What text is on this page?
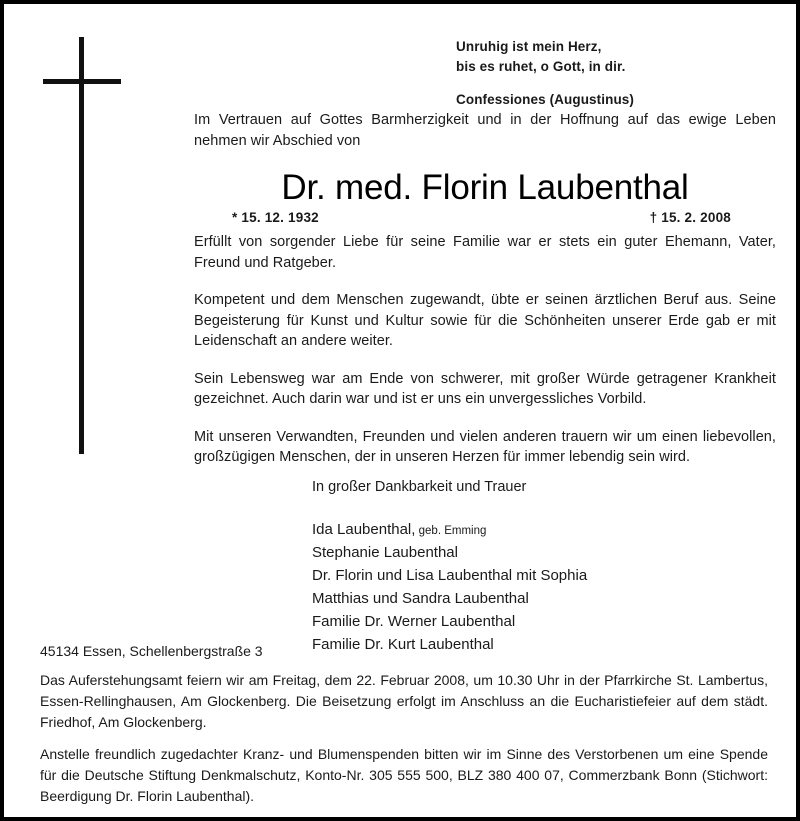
Unruhig ist mein Herz,
bis es ruhet, o Gott, in dir.
Confessiones (Augustinus)

Im Vertrauen auf Gottes Barmherzigkeit und in der Hoffnung auf das ewige Leben nehmen wir Abschied von

Dr. med. Florin Laubenthal
* 15. 12. 1932	† 15. 2. 2008

Erfüllt von sorgender Liebe für seine Familie war er stets ein guter Ehemann, Vater, Freund und Ratgeber.

Kompetent und dem Menschen zugewandt, übte er seinen ärztlichen Beruf aus. Seine Begeisterung für Kunst und Kultur sowie für die Schönheiten unserer Erde gab er mit Leidenschaft an andere weiter.

Sein Lebensweg war am Ende von schwerer, mit großer Würde getragener Krankheit gezeichnet. Auch darin war und ist er uns ein unvergessliches Vorbild.

Mit unseren Verwandten, Freunden und vielen anderen trauern wir um einen liebevollen, großzügigen Menschen, der in unseren Herzen für immer lebendig sein wird.

In großer Dankbarkeit und Trauer
Ida Laubenthal, geb. Emming
Stephanie Laubenthal
Dr. Florin und Lisa Laubenthal mit Sophia
Matthias und Sandra Laubenthal
Familie Dr. Werner Laubenthal
Familie Dr. Kurt Laubenthal
45134 Essen, Schellenbergstraße 3
Das Auferstehungsamt feiern wir am Freitag, dem 22. Februar 2008, um 10.30 Uhr in der Pfarrkirche St. Lambertus, Essen-Rellinghausen, Am Glockenberg. Die Beisetzung erfolgt im Anschluss an die Eucharistiefeier auf dem städt. Friedhof, Am Glockenberg.
Anstelle freundlich zugedachter Kranz- und Blumenspenden bitten wir im Sinne des Verstorbenen um eine Spende für die Deutsche Stiftung Denkmalschutz, Konto-Nr. 305 555 500, BLZ 380 400 07, Commerzbank Bonn (Stichwort: Beerdigung Dr. Florin Laubenthal).
